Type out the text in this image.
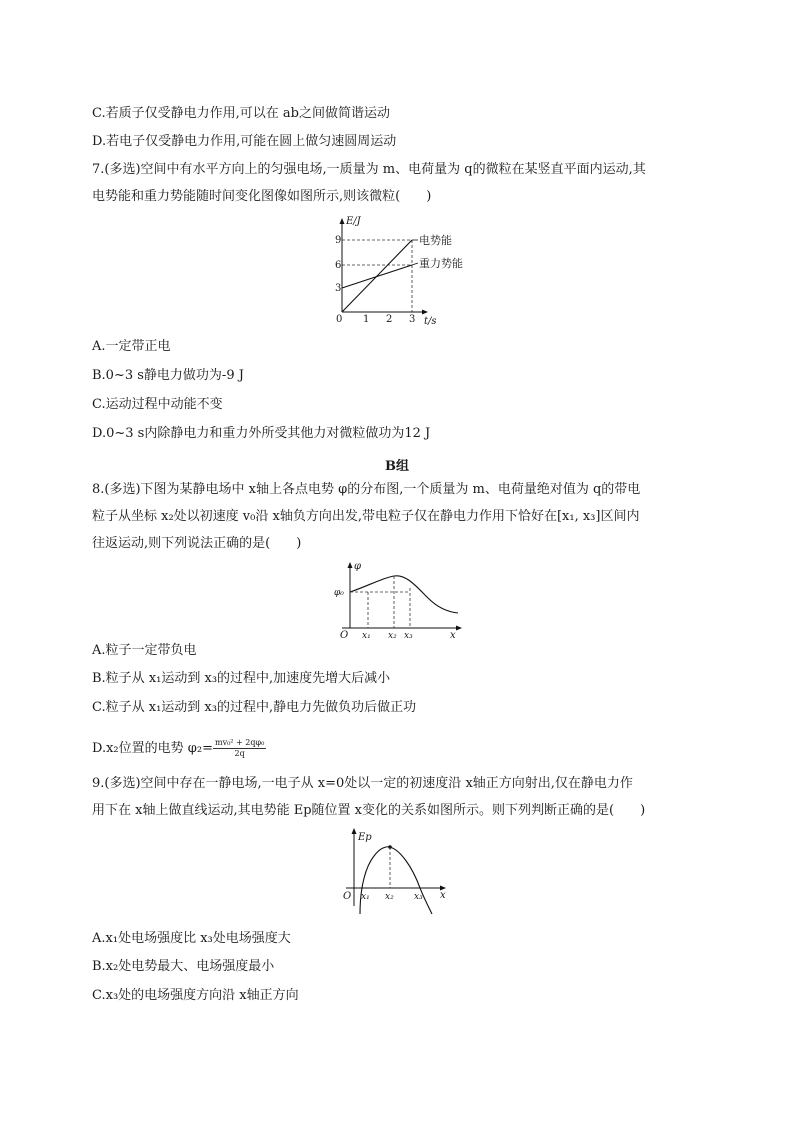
C.若质子仅受静电力作用,可以在 ab之间做简谐运动
D.若电子仅受静电力作用,可能在圆上做匀速圆周运动
7.(多选)空间中有水平方向上的匀强电场,一质量为 m、电荷量为 q的微粒在某竖直平面内运动,其
电势能和重力势能随时间变化图像如图所示,则该微粒(　　)
E/J
t/s
0
3
6
9
1 2 3
电势能
重力势能
A.一定带正电
B.0~3 s静电力做功为-9 J
C.运动过程中动能不变
D.0~3 s内除静电力和重力外所受其他力对微粒做功为12 J
B组
8.(多选)下图为某静电场中 x轴上各点电势 φ的分布图,一个质量为 m、电荷量绝对值为 q的带电
粒子从坐标 x₂处以初速度 v₀沿 x轴负方向出发,带电粒子仅在静电力作用下恰好在[x₁, x₃]区间内
往返运动,则下列说法正确的是(　　)
φ
x
O
φ₀
x₁ x₂ x₃
A.粒子一定带负电
B.粒子从 x₁运动到 x₃的过程中,加速度先增大后减小
C.粒子从 x₁运动到 x₃的过程中,静电力先做负功后做正功
D.x₂位置的电势 $\varphi_2= \frac{\text{mv₀² + 2qφ₀}}{2q}$
9.(多选)空间中存在一静电场,一电子从 x=0处以一定的初速度沿 x轴正方向射出,仅在静电力作
用下在 x轴上做直线运动,其电势能 Ep随位置 x变化的关系如图所示。则下列判断正确的是(　　)
Ep
x
O x₁ x₂ x₃
A.x₁处电场强度比 x₃处电场强度大
B.x₂处电势最大、电场强度最小
C.x₃处的电场强度方向沿 x轴正方向
